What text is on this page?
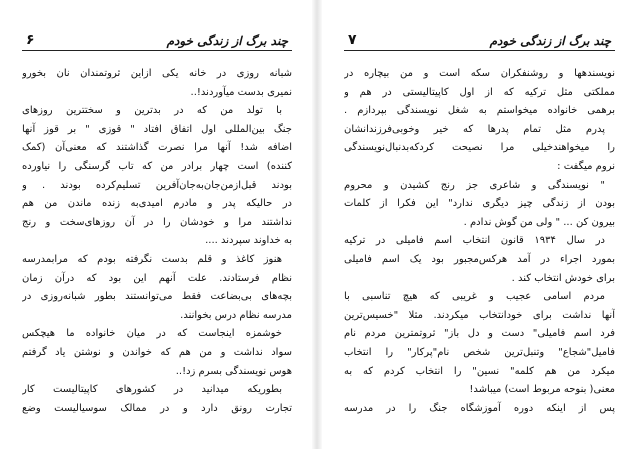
چند برگ از زندگی خودم
۶
شبانه روزی در خانه یکی ازاین ثروتمندان نان بخورو
نمیری بدست میآوردند!..
با تولد من که در بدترین و سختترین روزهای
جنگ بین‌المللی اول اتفاق افتاد " قوزی " بر قوز آنها
اضافه شد! آنها مرا نصرت گذاشتند که معنی‌آن (کمک
کننده) است چهار برادر من که تاب گرسنگی را نیاورده
بودند قبل‌ازمن‌جان‌به‌جان‌آفرین تسلیم‌کرده بودند . و
در حالیکه پدر و مادرم امیدی‌به زنده ماندن من هم
نداشتند مرا و خودشان را در آن روزهای‌سخت و رنج
به خداوند سپردند ....
هنوز کاغذ و قلم بدست نگرفته بودم که مرابمدرسه
نظام فرستادند. علت آنهم این بود که درآن زمان
بچه‌های بی‌بضاعت فقط می‌توانستند بطور شبانه‌روزی در
مدرسه نظام درس بخوانند.
خوشمزه اینجاست که در میان خانواده ما هیچکس
سواد نداشت و من هم که خواندن و نوشتن یاد گرفتم
هوس نویسندگی بسرم زد!..
بطوریکه میدانید در کشورهای کاپیتالیست کار
تجارت رونق دارد و در ممالک سوسیالیست وضع
چند برگ از زندگی خودم
۷
نویسندهها و روشنفکران سکه است و من بیچاره در
مملکتی مثل ترکیه که از اول کاپیتالیستی در هم و
برهمی خانواده میخواستم به شغل نویسندگی بپردازم .
پدرم مثل تمام پدرها که خیر وخوبی‌فرزندانشان
را میخواهند‌خیلی مرا نصیحت کردکه‌بدنبال‌نویسندگی
نروم میگفت :
" نویسندگی و شاعری جز رنج کشیدن و محروم
بودن از زندگی چیز دیگری ندارد" این فکرا از کلمات
بیرون کن ... " ولی من گوش ندادم .
در سال ۱۹۳۴ قانون انتخاب اسم فامیلی در ترکیه
بمورد اجراء در آمد هرکس‌مجبور بود یک اسم فامیلی
برای خودش انتخاب کند .
مردم اسامی عجیب و غریبی که هیچ تناسبی با
آنها نداشت برای خودانتخاب میکردند. مثلا "خسیس‌ترین
فرد اسم فامیلی" دست و دل باز" ثروتمترین مردم نام
فامیل"شجاع" وتنبل‌ترین شخص نام"پرکار" را انتخاب
میکرد من هم کلمه" نسین" را انتخاب کردم که به
معنی( بنوحه مربوط است) میباشد!
پس از اینکه دوره آموزشگاه جنگ را در مدرسه
